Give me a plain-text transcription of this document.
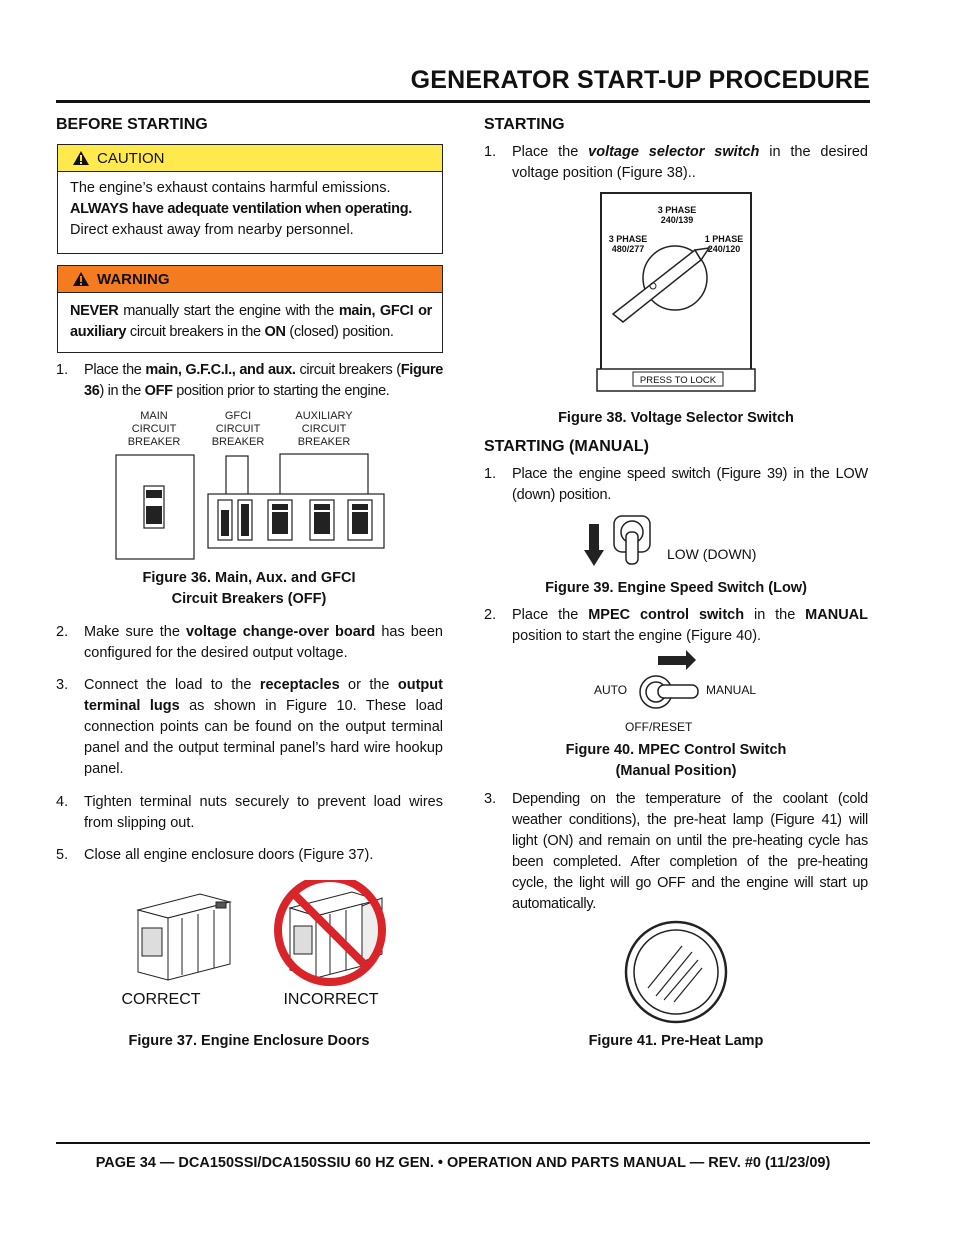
GENERATOR START-UP PROCEDURE
BEFORE STARTING
CAUTION
The engine’s exhaust contains harmful emissions.
ALWAYS have adequate ventilation when operating.
Direct exhaust away from nearby personnel.
WARNING
NEVER manually start the engine with the main, GFCI or auxiliary circuit breakers in the ON (closed) position.
1. Place the main, G.F.C.I., and aux. circuit breakers (Figure 36) in the OFF position prior to starting the engine.
MAIN
CIRCUIT
BREAKER
GFCI
CIRCUIT
BREAKER
AUXILIARY
CIRCUIT
BREAKER
Figure 36. Main, Aux. and GFCI
Circuit Breakers (OFF)
2. Make sure the voltage change-over board has been configured for the desired output voltage.
3. Connect the load to the receptacles or the output terminal lugs as shown in Figure 10. These load connection points can be found on the output terminal panel and the output terminal panel’s hard wire hookup panel.
4. Tighten terminal nuts securely to prevent load wires from slipping out.
5. Close all engine enclosure doors (Figure 37).
CORRECT	INCORRECT
Figure 37. Engine Enclosure Doors
STARTING
1. Place the voltage selector switch in the desired voltage position (Figure 38)..
3 PHASE
240/139
3 PHASE
480/277
1 PHASE
240/120
PRESS TO LOCK
Figure 38. Voltage Selector Switch
STARTING (MANUAL)
1. Place the engine speed switch (Figure 39) in the LOW (down) position.
LOW (DOWN)
Figure 39. Engine Speed Switch (Low)
2. Place the MPEC control switch in the MANUAL position to start the engine (Figure 40).
AUTO	MANUAL
OFF/RESET
Figure 40. MPEC Control Switch
(Manual Position)
3. Depending on the temperature of the coolant (cold weather conditions), the pre-heat lamp (Figure 41) will light (ON) and remain on until the pre-heating cycle has been completed. After completion of the pre-heating cycle, the light will go OFF and the engine will start up automatically.
Figure 41. Pre-Heat Lamp
PAGE 34 — DCA150SSI/DCA150SSIU 60 HZ GEN. • OPERATION AND PARTS MANUAL — REV. #0 (11/23/09)
